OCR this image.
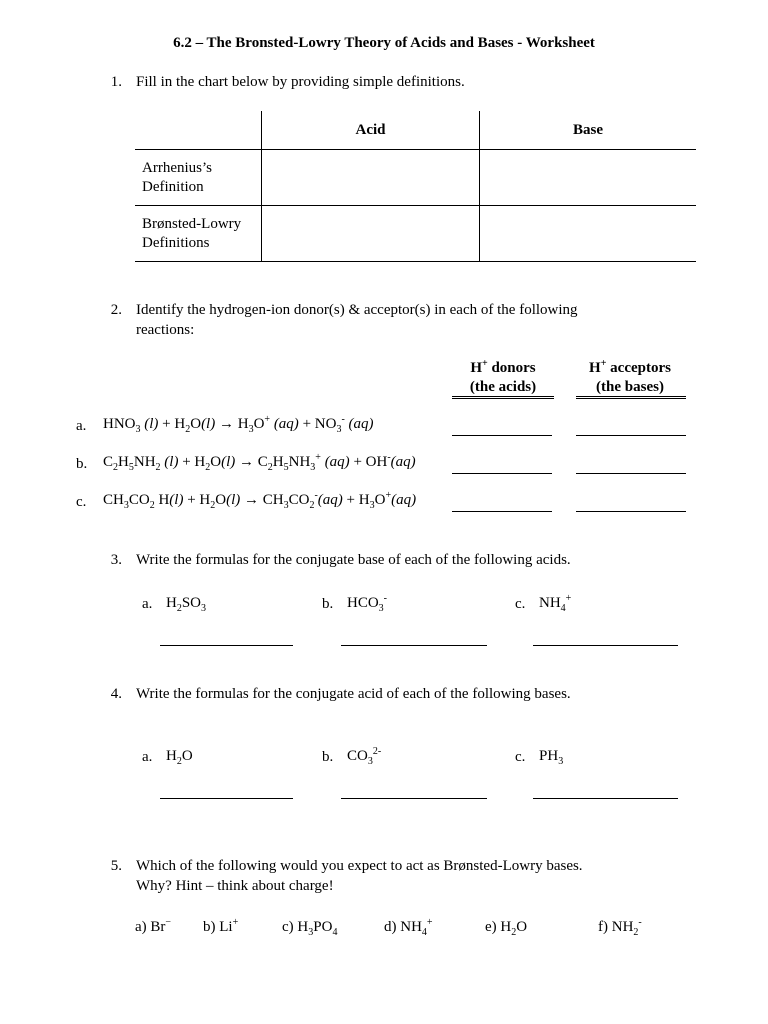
6.2 – The Bronsted-Lowry Theory of Acids and Bases - Worksheet
1. Fill in the chart below by providing simple definitions.
	Acid	Base
Arrhenius’s
Definition		
Brønsted-Lowry
Definitions		
2. Identify the hydrogen-ion donor(s) & acceptor(s) in each of the following
reactions:
H+ donors
(the acids)
H+ acceptors
(the bases)
a. $HNO_3$ $(l) + H_2O(l) \to H_3O^+$ $(aq) + NO_3^-$ (aq)
b. $C_2H_5NH_2$ $(l) + H_2O(l) \to C_2H_5NH_3^+$ (aq) + OH-(aq)
c. $CH_3CO_2$ $H(l) + H_2O(l) \to CH_3CO_2^-(aq) + H_3O^+(aq)$
3. Write the formulas for the conjugate base of each of the following acids.
a. $H_2SO_3$	b. $HCO_3^-$	c. $NH_4^+$
4. Write the formulas for the conjugate acid of each of the following bases.
a. $H_2O$	b. $CO_3^{2-}$	c. $PH_3$
5. Which of the following would you expect to act as Brønsted-Lowry bases.
Why? Hint – think about charge!
a) Br− b) Li+	c) $H_3PO_4$	d) $NH_4^+$	e) $H_2O$	f) $NH_2^-$
